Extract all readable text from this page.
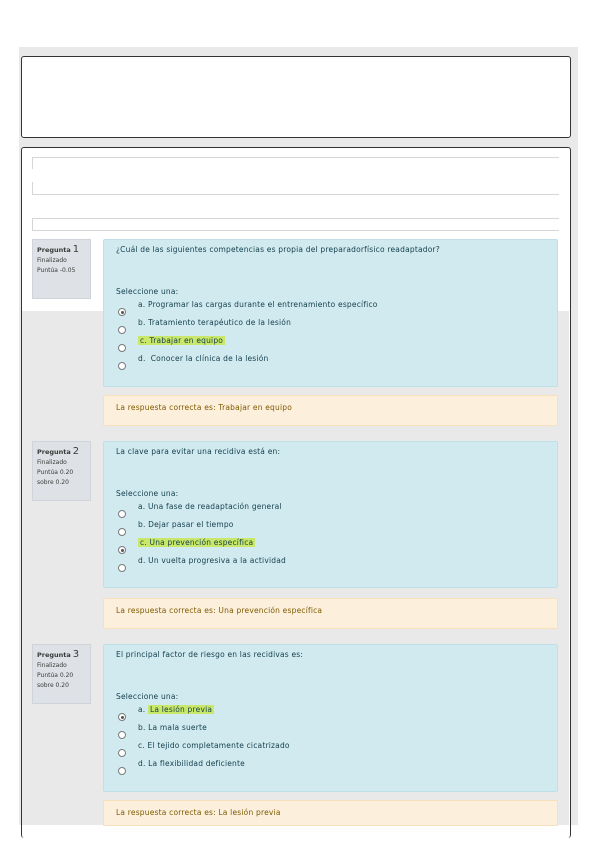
Pregunta 1
Finalizado
Puntúa -0.05
¿Cuál de las siguientes competencias es propia del preparadorfísico readaptador?
Seleccione una:
a. Programar las cargas durante el entrenamiento específico
b. Tratamiento terapéutico de la lesión
c. Trabajar en equipo
d. Conocer la clínica de la lesión
La respuesta correcta es: Trabajar en equipo
Pregunta 2
Finalizado
Puntúa 0.20
sobre 0.20
La clave para evitar una recidiva está en:
Seleccione una:
a. Una fase de readaptación general
b. Dejar pasar el tiempo
c. Una prevención específica
d. Un vuelta progresiva a la actividad
La respuesta correcta es: Una prevención específica
Pregunta 3
Finalizado
Puntúa 0.20
sobre 0.20
El principal factor de riesgo en las recidivas es:
Seleccione una:
a. La lesión previa
b. La mala suerte
c. El tejido completamente cicatrizado
d. La flexibilidad deficiente
La respuesta correcta es: La lesión previa
